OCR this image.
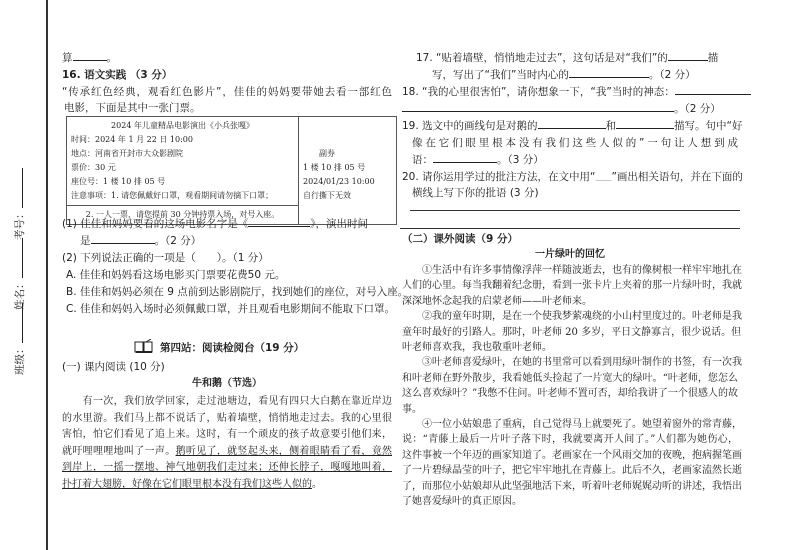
班级：
姓名：
考号：
算	。
16. 语文实践 （3 分）
“传承红色经典，观看红色影片”，佳佳的妈妈要带她去看一部红色
电影，下面是其中一张门票。
2024 年儿童精品电影演出《小兵张嘎》
时间：2024 年 1 月 22 日 10:00
地点：河南省开封市大众影剧院
票价：30 元
座位号：1 楼 10 排 05 号
注意事项：1. 请您佩戴好口罩，观看期间请勿摘下口罩；

副券
1 楼 10 排 05 号
2024/01/23 10:00
自行撕下无效

2. 一人一票，请您提前 30 分钟持票入场，对号入座。
(1) 佳佳和妈妈要看的这场电影名字是《	》，演出时间
是	。（2 分）
(2) 下列说法正确的一项是（　　）。（1 分）
A. 佳佳和妈妈看这场电影买门票要花费50 元。
B. 佳佳和妈妈必须在 9 点前到达影剧院厅，找到她们的座位，对号入座。
C. 佳佳和妈妈入场时必须佩戴口罩，并且观看电影期间不能取下口罩。
第四站：阅读检阅台（19 分）
(一) 课内阅读 (10 分)
牛和鹅（节选）
　　有一次，我们放学回家，走过池塘边，看见有四只大白鹅在靠近岸边
的水里游。我们马上都不说话了，贴着墙壁，悄悄地走过去。我的心里很
害怕，怕它们看见了追上来。这时，有一个顽皮的孩子故意要引他们来，
就吁哩哩哩地叫了一声。鹅听见了，就竖起头来，侧着眼睛看了看，竟然
到岸上，一摇一摆地、神气地朝我们走过来；还伸长脖子，嘎嘎地叫着，
扑打着大翅膀，好像在它们眼里根本没有我们这些人似的。
17. “贴着墙壁，悄悄地走过去”，这句话是对“我们”的	描
写，写出了“我们”当时内心的	。（2 分）
18. “我的心里很害怕”，请你想象一下，“我”当时的神态：
。（2 分）
19. 选文中的画线句是对鹅的	和	描写。句中“好
像在它们眼里根本没有我们这些人似的”一句让人想到成
语：	。（3 分）
20. 请你运用学过的批注方法，在文中用“﹏﹏”画出相关语句，并在下面的
横线上写下你的批语 (3 分)
（二）课外阅读（9 分）
一片绿叶的回忆
　　①生活中有许多事情像浮萍一样随波逝去，也有的像树根一样牢牢地扎在
人们的心里。每当我翻着纪念册，看到一张卡片上夹着的那一片绿叶时，我就
深深地怀念起我的启蒙老师——叶老师来。
　　②我的童年时期，是在一个使我梦萦魂绕的小山村里度过的。叶老师是我
童年时最好的引路人。那时，叶老师 20 多岁，平日文静寡言，很少说话。但
叶老师喜欢我，我也敬重叶老师。
　　③叶老师喜爱绿叶，在她的书里常可以看到用绿叶制作的书签，有一次我
和叶老师在野外散步，我看她低头捡起了一片宽大的绿叶。“叶老师，您怎么
这么喜欢绿叶？”我憋不住问。叶老师不置可否，却给我讲了一个很感人的故
事。
　　④一位小姑娘患了重病，自己觉得马上就要死了。她望着窗外的常青藤，
说：“青藤上最后一片叶子落下时，我就要离开人间了。”人们都为她伤心，
这件事被一个年迈的画家知道了。老画家在一个风雨交加的夜晚，抱病握笔画
了一片碧绿晶莹的叶子，把它牢牢地扎在青藤上。此后不久，老画家溘然长逝
了，而那位小姑娘却从此坚强地活下来，听着叶老师娓娓动听的讲述，我悟出
了她喜爱绿叶的真正原因。
